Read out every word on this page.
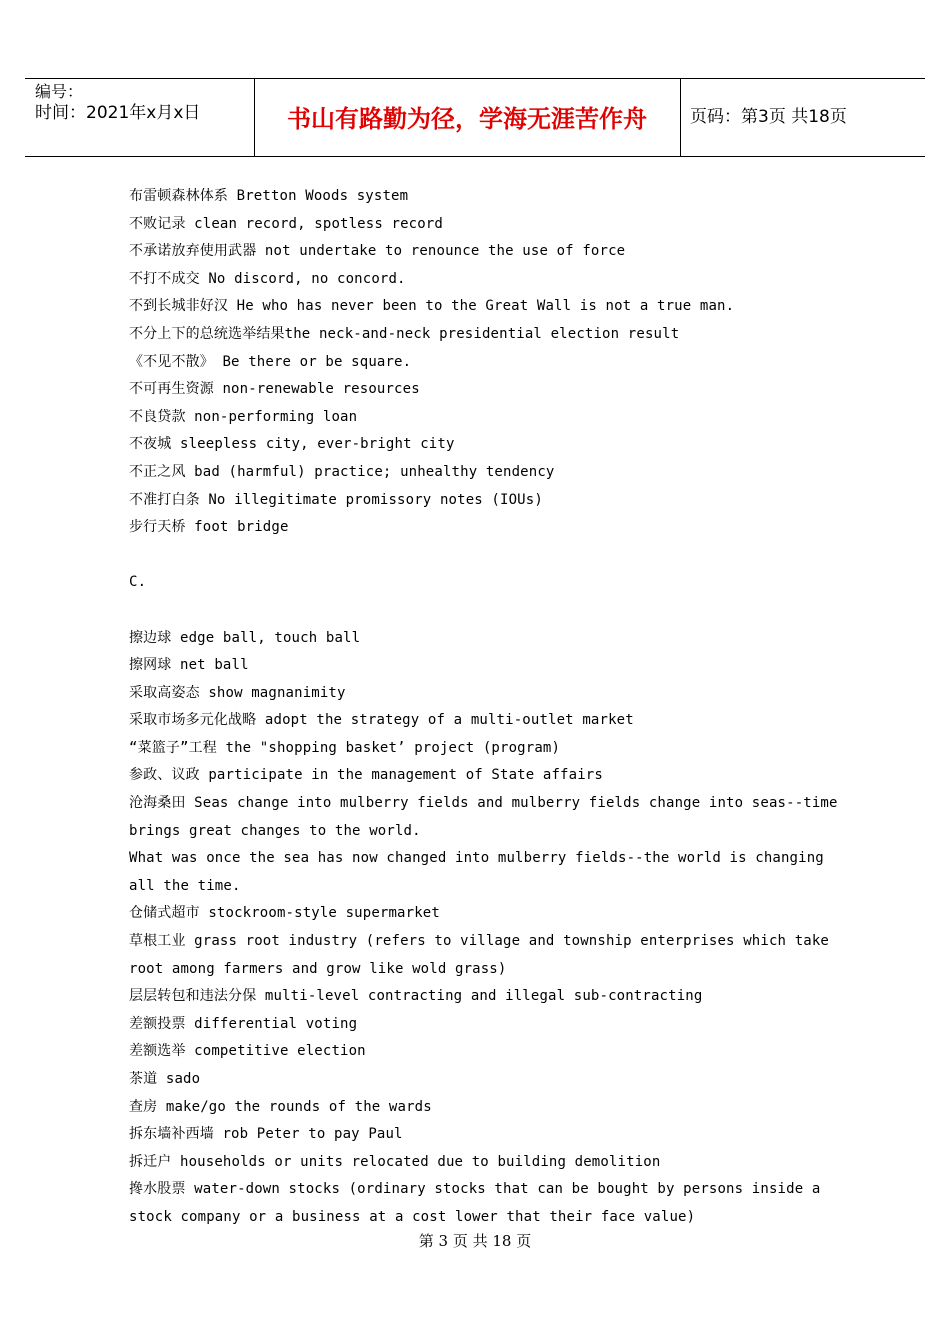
编号：
时间：2021年x月x日	书山有路勤为径，学海无涯苦作舟	页码：第3页 共18页
布雷顿森林体系 Bretton Woods system
不败记录 clean record, spotless record
不承诺放弃使用武器 not undertake to renounce the use of force
不打不成交 No discord, no concord.
不到长城非好汉 He who has never been to the Great Wall is not a true man.
不分上下的总统选举结果the neck-and-neck presidential election result
《不见不散》 Be there or be square.
不可再生资源 non-renewable resources
不良贷款 non-performing loan
不夜城 sleepless city, ever-bright city
不正之风 bad (harmful) practice; unhealthy tendency
不准打白条 No illegitimate promissory notes (IOUs)
步行天桥 foot bridge
C.
擦边球 edge ball, touch ball
擦网球 net ball
采取高姿态 show magnanimity
采取市场多元化战略 adopt the strategy of a multi-outlet market
“菜篮子”工程 the "shopping basket’ project (program)
参政、议政 participate in the management of State affairs
沧海桑田 Seas change into mulberry fields and mulberry fields change into seas--time
brings great changes to the world.
What was once the sea has now changed into mulberry fields--the world is changing
all the time.
仓储式超市 stockroom-style supermarket
草根工业 grass root industry (refers to village and township enterprises which take
root among farmers and grow like wold grass)
层层转包和违法分保 multi-level contracting and illegal sub-contracting
差额投票 differential voting
差额选举 competitive election
茶道 sado
查房 make/go the rounds of the wards
拆东墙补西墙 rob Peter to pay Paul
拆迁户 households or units relocated due to building demolition
搀水股票 water-down stocks (ordinary stocks that can be bought by persons inside a
stock company or a business at a cost lower that their face value)
第 3 页 共 18 页
